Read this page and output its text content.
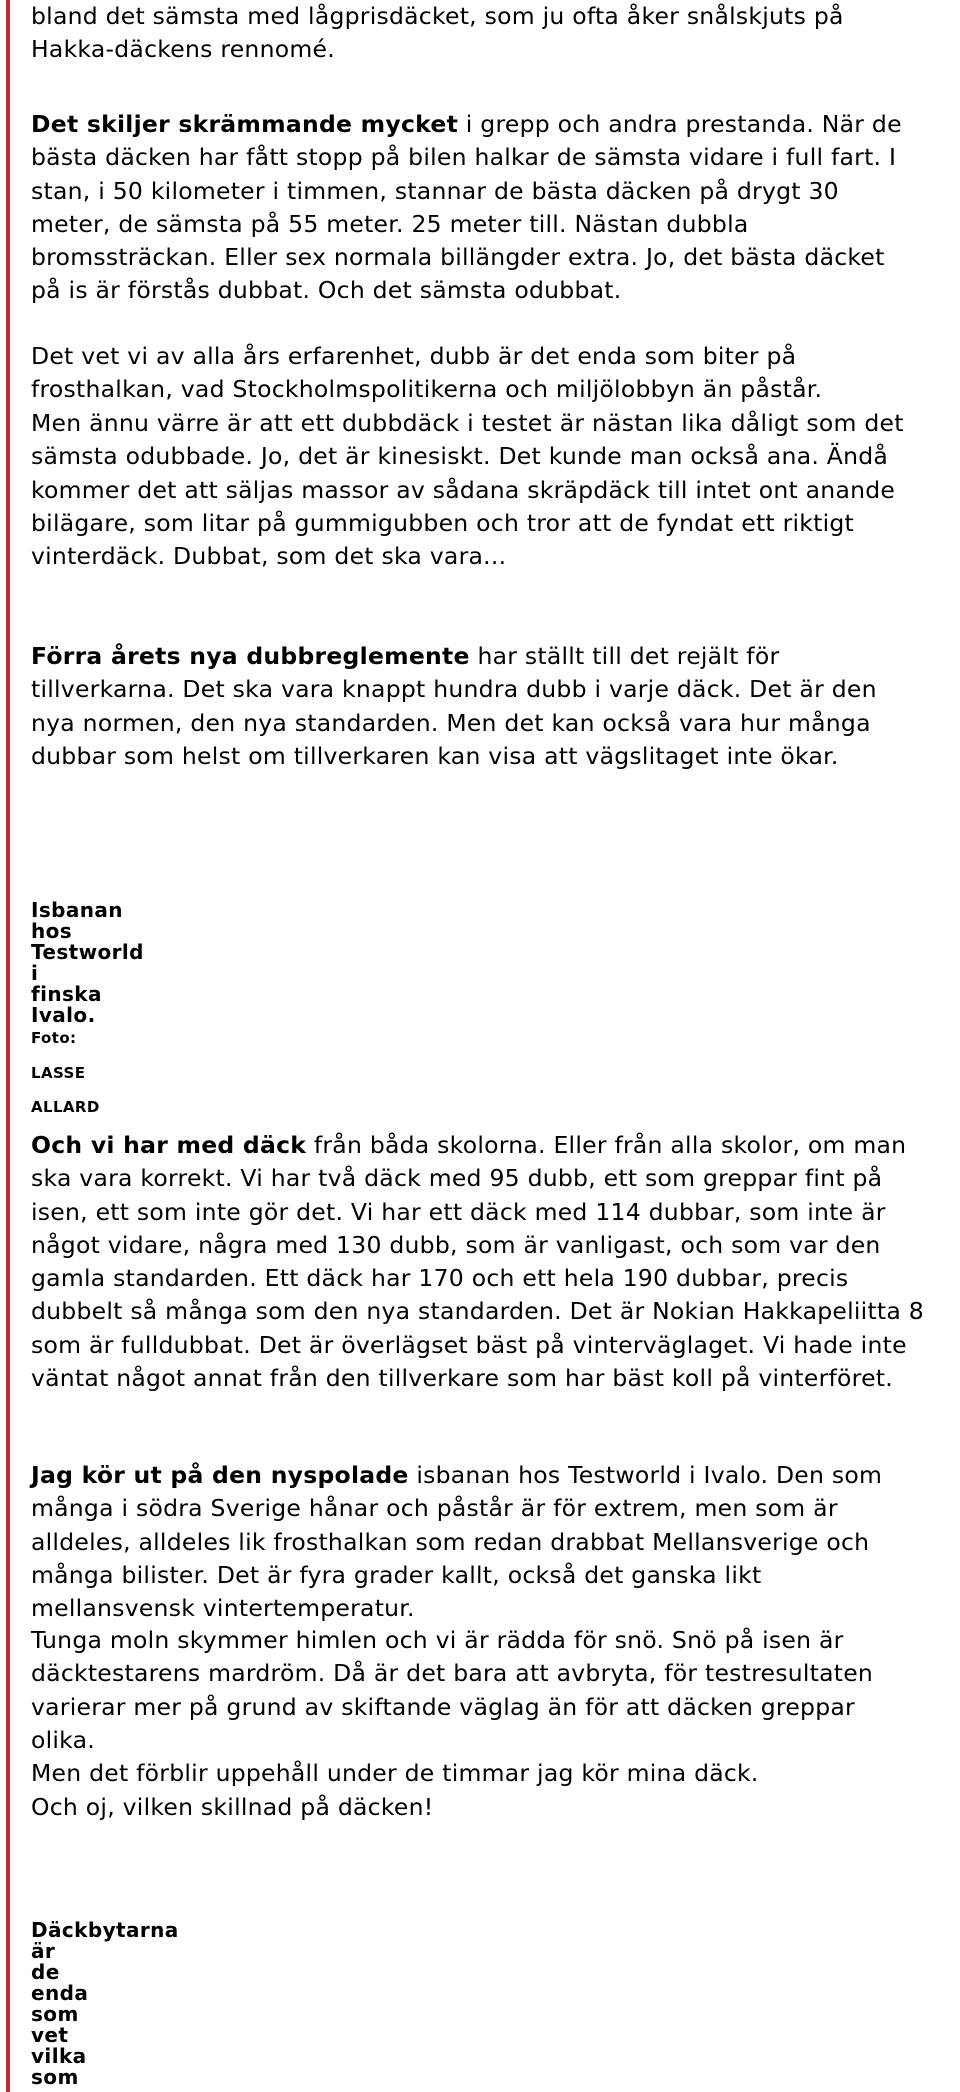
bland det sämsta med lågprisdäcket, som ju ofta åker snålskjuts på Hakka-däckens rennomé.

Det skiljer skrämmande mycket i grepp och andra prestanda. När de bästa däcken har fått stopp på bilen halkar de sämsta vidare i full fart. I stan, i 50 kilometer i timmen, stannar de bästa däcken på drygt 30 meter, de sämsta på 55 meter. 25 meter till. Nästan dubbla bromssträckan. Eller sex normala billängder extra. Jo, det bästa däcket på is är förstås dubbat. Och det sämsta odubbat.

Det vet vi av alla års erfarenhet, dubb är det enda som biter på frosthalkan, vad Stockholmspolitikerna och miljölobbyn än påstår.

Men ännu värre är att ett dubbdäck i testet är nästan lika dåligt som det sämsta odubbade. Jo, det är kinesiskt. Det kunde man också ana. Ändå kommer det att säljas massor av sådana skräpdäck till intet ont anande bilägare, som litar på gummigubben och tror att de fyndat ett riktigt vinterdäck. Dubbat, som det ska vara...

Förra årets nya dubbreglemente har ställt till det rejält för tillverkarna. Det ska vara knappt hundra dubb i varje däck. Det är den nya normen, den nya standarden. Men det kan också vara hur många dubbar som helst om tillverkaren kan visa att vägslitaget inte ökar.

Isbanan
hos
Testworld
i
finska
Ivalo.
Foto:
LASSE
ALLARD

Och vi har med däck från båda skolorna. Eller från alla skolor, om man ska vara korrekt. Vi har två däck med 95 dubb, ett som greppar fint på isen, ett som inte gör det. Vi har ett däck med 114 dubbar, som inte är något vidare, några med 130 dubb, som är vanligast, och som var den gamla standarden. Ett däck har 170 och ett hela 190 dubbar, precis dubbelt så många som den nya standarden. Det är Nokian Hakkapeliitta 8 som är fulldubbat. Det är överlägset bäst på vinterväglaget. Vi hade inte väntat något annat från den tillverkare som har bäst koll på vinterföret.

Jag kör ut på den nyspolade isbanan hos Testworld i Ivalo. Den som många i södra Sverige hånar och påstår är för extrem, men som är alldeles, alldeles lik frosthalkan som redan drabbat Mellansverige och många bilister. Det är fyra grader kallt, också det ganska likt mellansvensk vintertemperatur.

Tunga moln skymmer himlen och vi är rädda för snö. Snö på isen är däcktestarens mardröm. Då är det bara att avbryta, för testresultaten varierar mer på grund av skiftande väglag än för att däcken greppar olika.

Men det förblir uppehåll under de timmar jag kör mina däck.

Och oj, vilken skillnad på däcken!

Däckbytarna
är
de
enda
som
vet
vilka
som
